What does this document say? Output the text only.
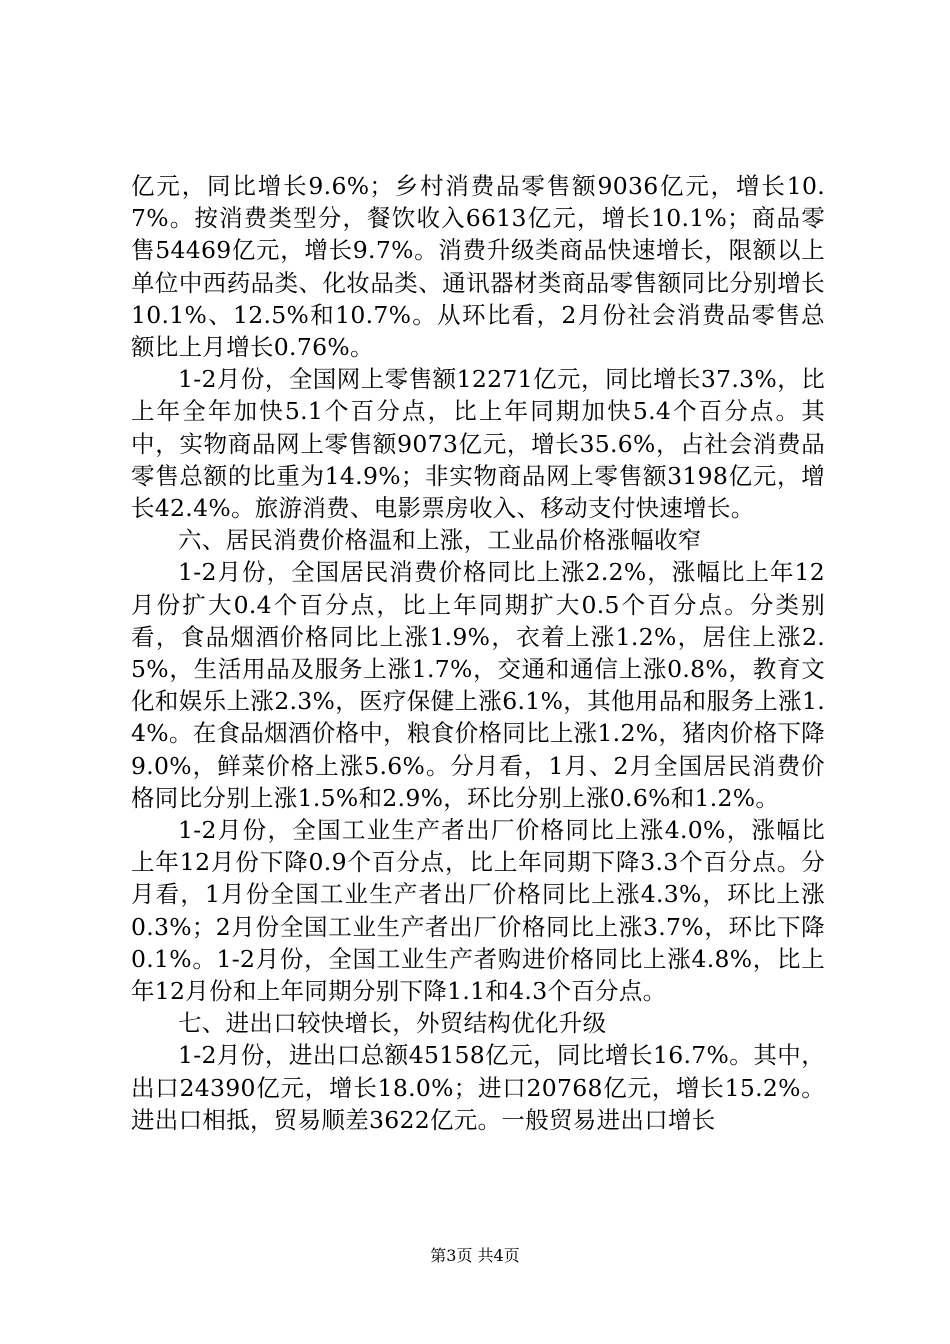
亿元，同比增长9.6%；乡村消费品零售额9036亿元，增长10.7%。按消费类型分，餐饮收入6613亿元，增长10.1%；商品零售54469亿元，增长9.7%。消费升级类商品快速增长，限额以上单位中西药品类、化妆品类、通讯器材类商品零售额同比分别增长10.1%、12.5%和10.7%。从环比看，2月份社会消费品零售总额比上月增长0.76%。

1-2月份，全国网上零售额12271亿元，同比增长37.3%，比上年全年加快5.1个百分点，比上年同期加快5.4个百分点。其中，实物商品网上零售额9073亿元，增长35.6%，占社会消费品零售总额的比重为14.9%；非实物商品网上零售额3198亿元，增长42.4%。旅游消费、电影票房收入、移动支付快速增长。

六、居民消费价格温和上涨，工业品价格涨幅收窄

1-2月份，全国居民消费价格同比上涨2.2%，涨幅比上年12月份扩大0.4个百分点，比上年同期扩大0.5个百分点。分类别看，食品烟酒价格同比上涨1.9%，衣着上涨1.2%，居住上涨2.5%，生活用品及服务上涨1.7%，交通和通信上涨0.8%，教育文化和娱乐上涨2.3%，医疗保健上涨6.1%，其他用品和服务上涨1.4%。在食品烟酒价格中，粮食价格同比上涨1.2%，猪肉价格下降9.0%，鲜菜价格上涨5.6%。分月看，1月、2月全国居民消费价格同比分别上涨1.5%和2.9%，环比分别上涨0.6%和1.2%。

1-2月份，全国工业生产者出厂价格同比上涨4.0%，涨幅比上年12月份下降0.9个百分点，比上年同期下降3.3个百分点。分月看，1月份全国工业生产者出厂价格同比上涨4.3%，环比上涨0.3%；2月份全国工业生产者出厂价格同比上涨3.7%，环比下降0.1%。1-2月份，全国工业生产者购进价格同比上涨4.8%，比上年12月份和上年同期分别下降1.1和4.3个百分点。

七、进出口较快增长，外贸结构优化升级

1-2月份，进出口总额45158亿元，同比增长16.7%。其中，出口24390亿元，增长18.0%；进口20768亿元，增长15.2%。进出口相抵，贸易顺差3622亿元。一般贸易进出口增长

第3页 共4页
